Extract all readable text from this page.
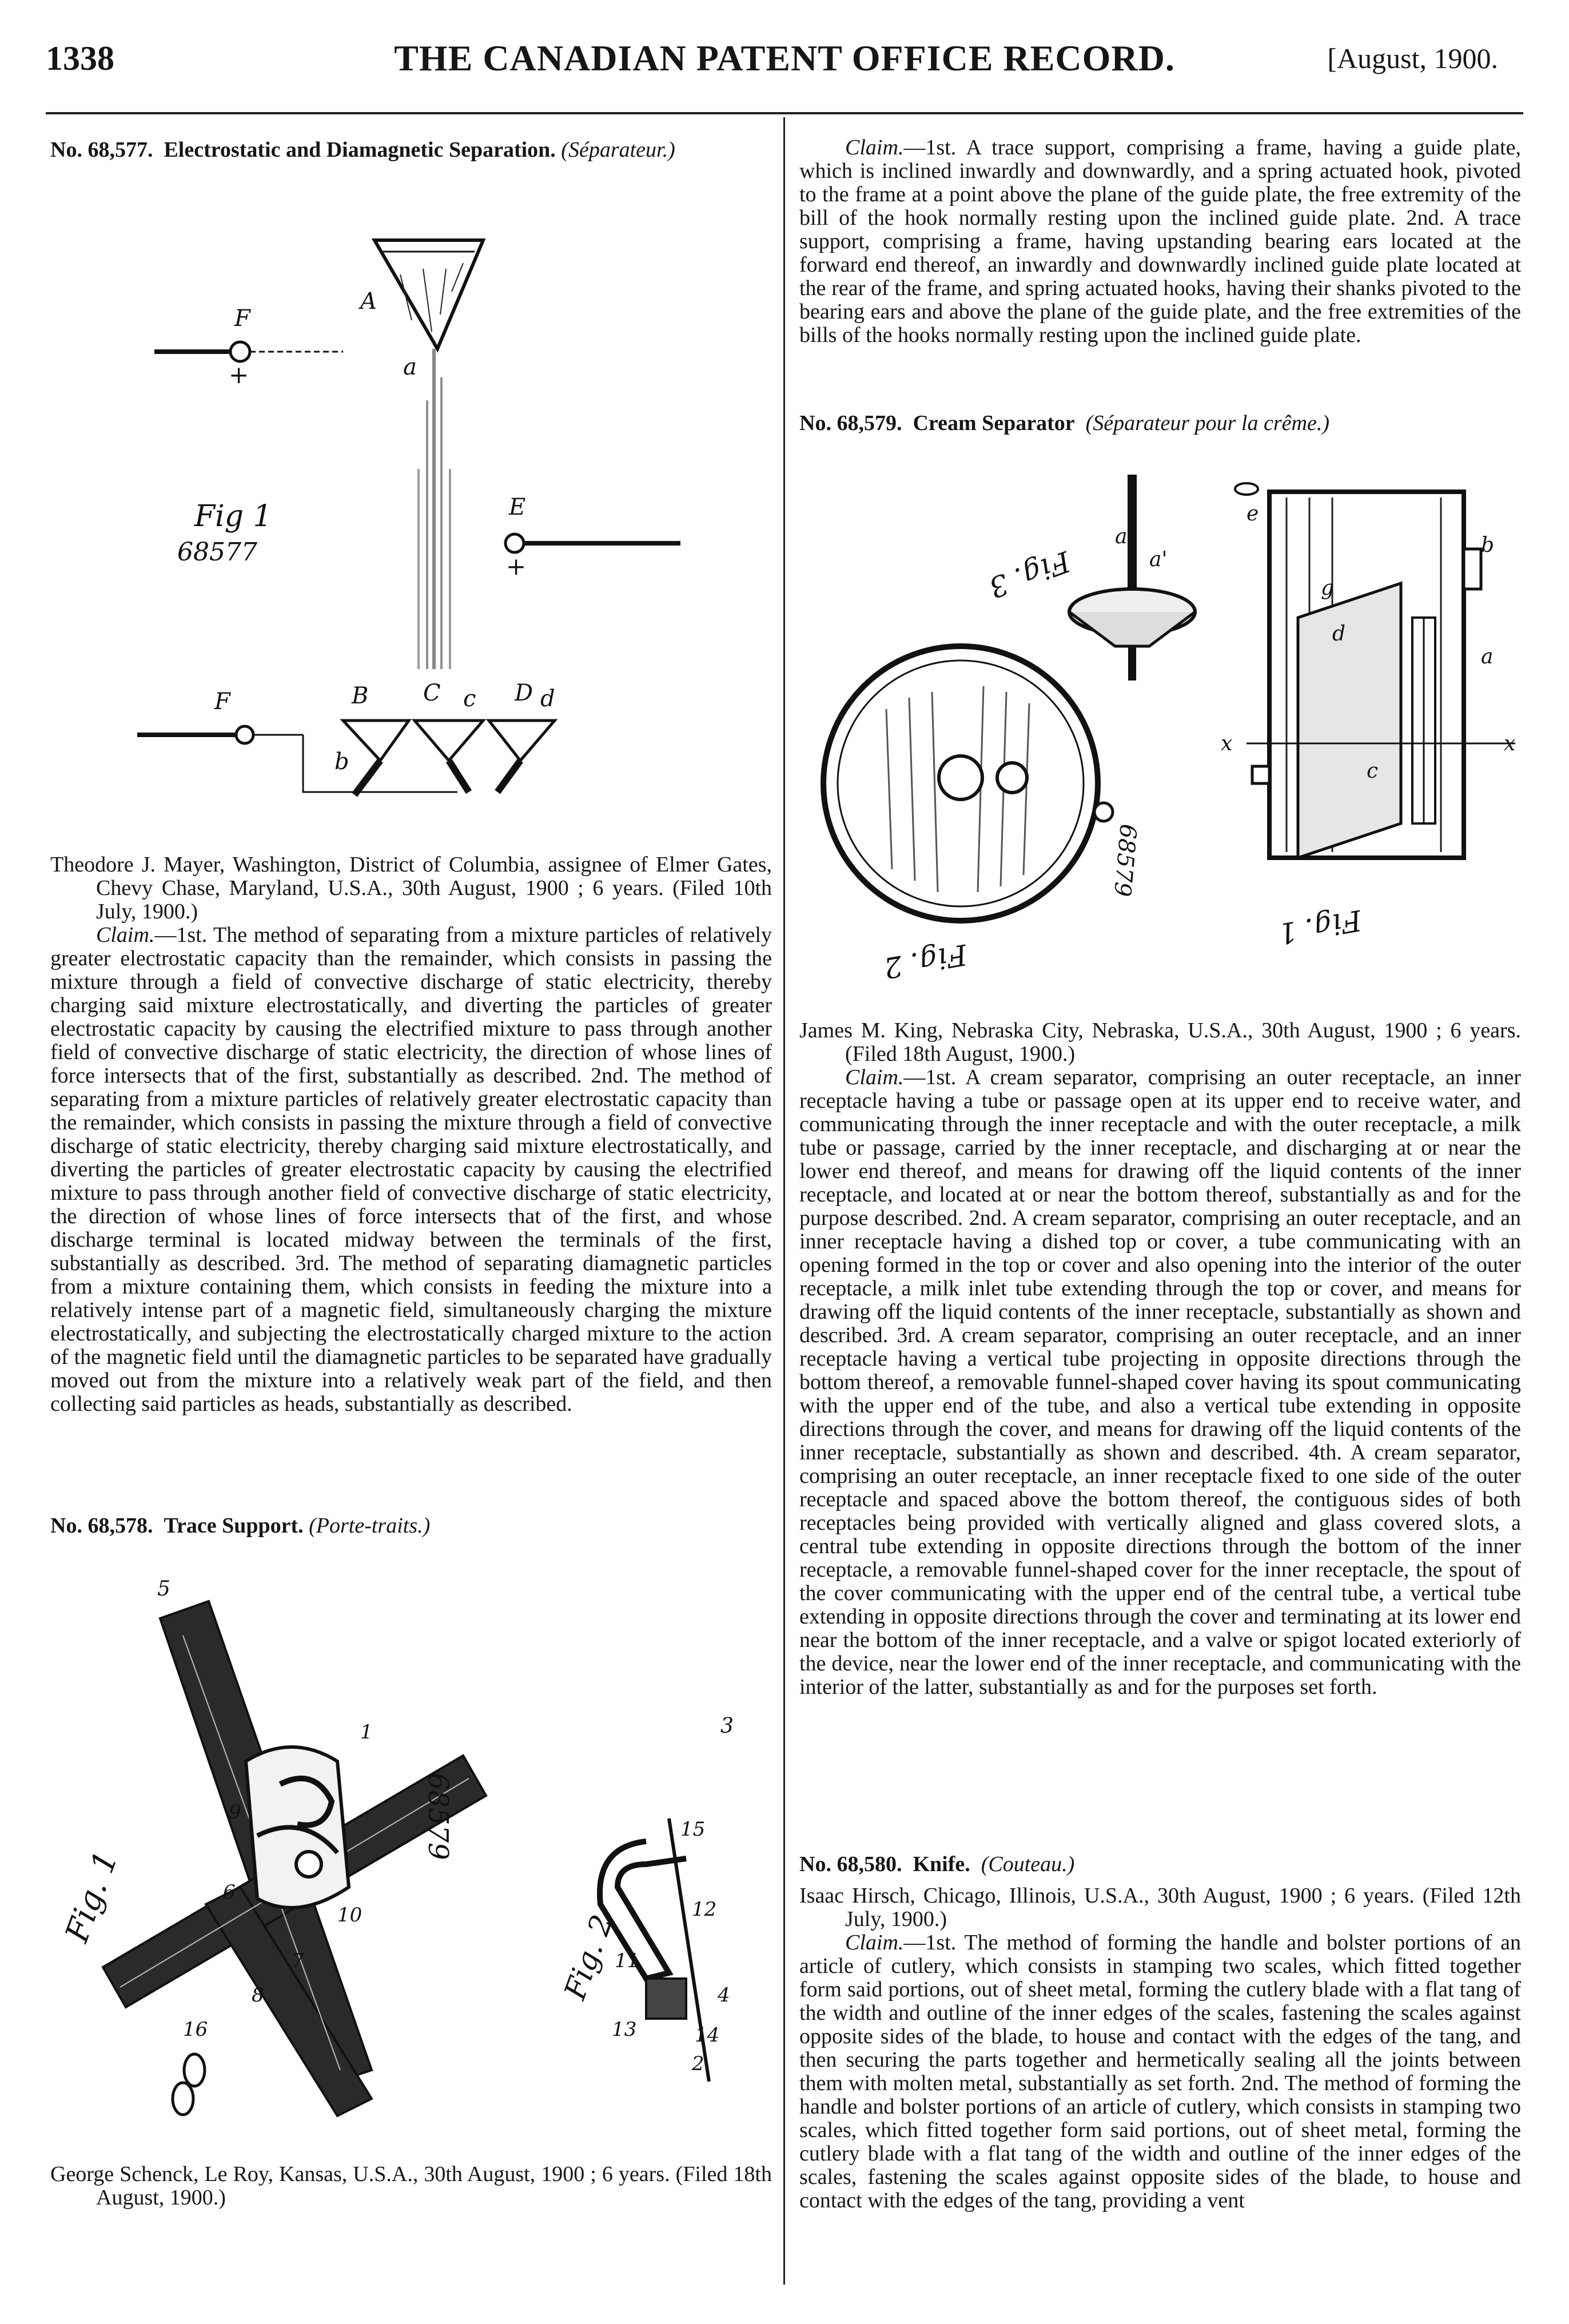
1338	THE CANADIAN PATENT OFFICE RECORD.	[August, 1900.

No. 68,577. Electrostatic and Diamagnetic Separation. (Séparateur.)

A
a
E
+
F
+
Fig 1
68577
B
b
C c D d
F

Theodore J. Mayer, Washington, District of Columbia, assignee of Elmer Gates, Chevy Chase, Maryland, U.S.A., 30th August, 1900 ; 6 years. (Filed 10th July, 1900.)

Claim.—1st. The method of separating from a mixture particles of relatively greater electrostatic capacity than the remainder, which consists in passing the mixture through a field of convective discharge of static electricity, thereby charging said mixture electrostatically, and diverting the particles of greater electrostatic capacity by causing the electrified mixture to pass through another field of convective discharge of static electricity, the direction of whose lines of force intersects that of the first, substantially as described. 2nd. The method of separating from a mixture particles of relatively greater electrostatic capacity than the remainder, which consists in passing the mixture through a field of convective discharge of static electricity, thereby charging said mixture electrostatically, and diverting the particles of greater electrostatic capacity by causing the electrified mixture to pass through another field of convective discharge of static electricity, the direction of whose lines of force intersects that of the first, and whose discharge terminal is located midway between the terminals of the first, substantially as described. 3rd. The method of separating diamagnetic particles from a mixture containing them, which consists in feeding the mixture into a relatively intense part of a magnetic field, simultaneously charging the mixture electrostatically, and subjecting the electrostatically charged mixture to the action of the magnetic field until the diamagnetic particles to be separated have gradually moved out from the mixture into a relatively weak part of the field, and then collecting said particles as heads, substantially as described.

No. 68,578. Trace Support. (Porte-traits.)

Fig. 1
68579
Fig. 2
5
3
9
1
6
7
8
10
2
14
13
12
11
4
15
16

George Schenck, Le Roy, Kansas, U.S.A., 30th August, 1900 ; 6 years. (Filed 18th August, 1900.)

Claim.—1st. A trace support, comprising a frame, having a guide plate, which is inclined inwardly and downwardly, and a spring actuated hook, pivoted to the frame at a point above the plane of the guide plate, the free extremity of the bill of the hook normally resting upon the inclined guide plate. 2nd. A trace support, comprising a frame, having upstanding bearing ears located at the forward end thereof, an inwardly and downwardly inclined guide plate located at the rear of the frame, and spring actuated hooks, having their shanks pivoted to the bearing ears and above the plane of the guide plate, and the free extremities of the bills of the hooks normally resting upon the inclined guide plate.

No. 68,579. Cream Separator (Séparateur pour la crême.)

Fig. 3
a
a'
e
b
a
x	x
Fig. 2
Fig. 1
68579
g
c
d

James M. King, Nebraska City, Nebraska, U.S.A., 30th August, 1900 ; 6 years. (Filed 18th August, 1900.)

Claim.—1st. A cream separator, comprising an outer receptacle, an inner receptacle having a tube or passage open at its upper end to receive water, and communicating through the inner receptacle and with the outer receptacle, a milk tube or passage, carried by the inner receptacle, and discharging at or near the lower end thereof, and means for drawing off the liquid contents of the inner receptacle, and located at or near the bottom thereof, substantially as and for the purpose described. 2nd. A cream separator, comprising an outer receptacle, and an inner receptacle having a dished top or cover, a tube communicating with an opening formed in the top or cover and also opening into the interior of the outer receptacle, a milk inlet tube extending through the top or cover, and means for drawing off the liquid contents of the inner receptacle, substantially as shown and described. 3rd. A cream separator, comprising an outer receptacle, and an inner receptacle having a vertical tube projecting in opposite directions through the bottom thereof, a removable funnel-shaped cover having its spout communicating with the upper end of the tube, and also a vertical tube extending in opposite directions through the cover, and means for drawing off the liquid contents of the inner receptacle, substantially as shown and described. 4th. A cream separator, comprising an outer receptacle, an inner receptacle fixed to one side of the outer receptacle and spaced above the bottom thereof, the contiguous sides of both receptacles being provided with vertically aligned and glass covered slots, a central tube extending in opposite directions through the bottom of the inner receptacle, a removable funnel-shaped cover for the inner receptacle, the spout of the cover communicating with the upper end of the central tube, a vertical tube extending in opposite directions through the cover and terminating at its lower end near the bottom of the inner receptacle, and a valve or spigot located exteriorly of the device, near the lower end of the inner receptacle, and communicating with the interior of the latter, substantially as and for the purposes set forth.

No. 68,580. Knife. (Couteau.)

Isaac Hirsch, Chicago, Illinois, U.S.A., 30th August, 1900 ; 6 years. (Filed 12th July, 1900.)

Claim.—1st. The method of forming the handle and bolster portions of an article of cutlery, which consists in stamping two scales, which fitted together form said portions, out of sheet metal, forming the cutlery blade with a flat tang of the width and outline of the inner edges of the scales, fastening the scales against opposite sides of the blade, to house and contact with the edges of the tang, and then securing the parts together and hermetically sealing all the joints between them with molten metal, substantially as set forth. 2nd. The method of forming the handle and bolster portions of an article of cutlery, which consists in stamping two scales, which fitted together form said portions, out of sheet metal, forming the cutlery blade with a flat tang of the width and outline of the inner edges of the scales, fastening the scales against opposite sides of the blade, to house and contact with the edges of the tang, providing a vent
